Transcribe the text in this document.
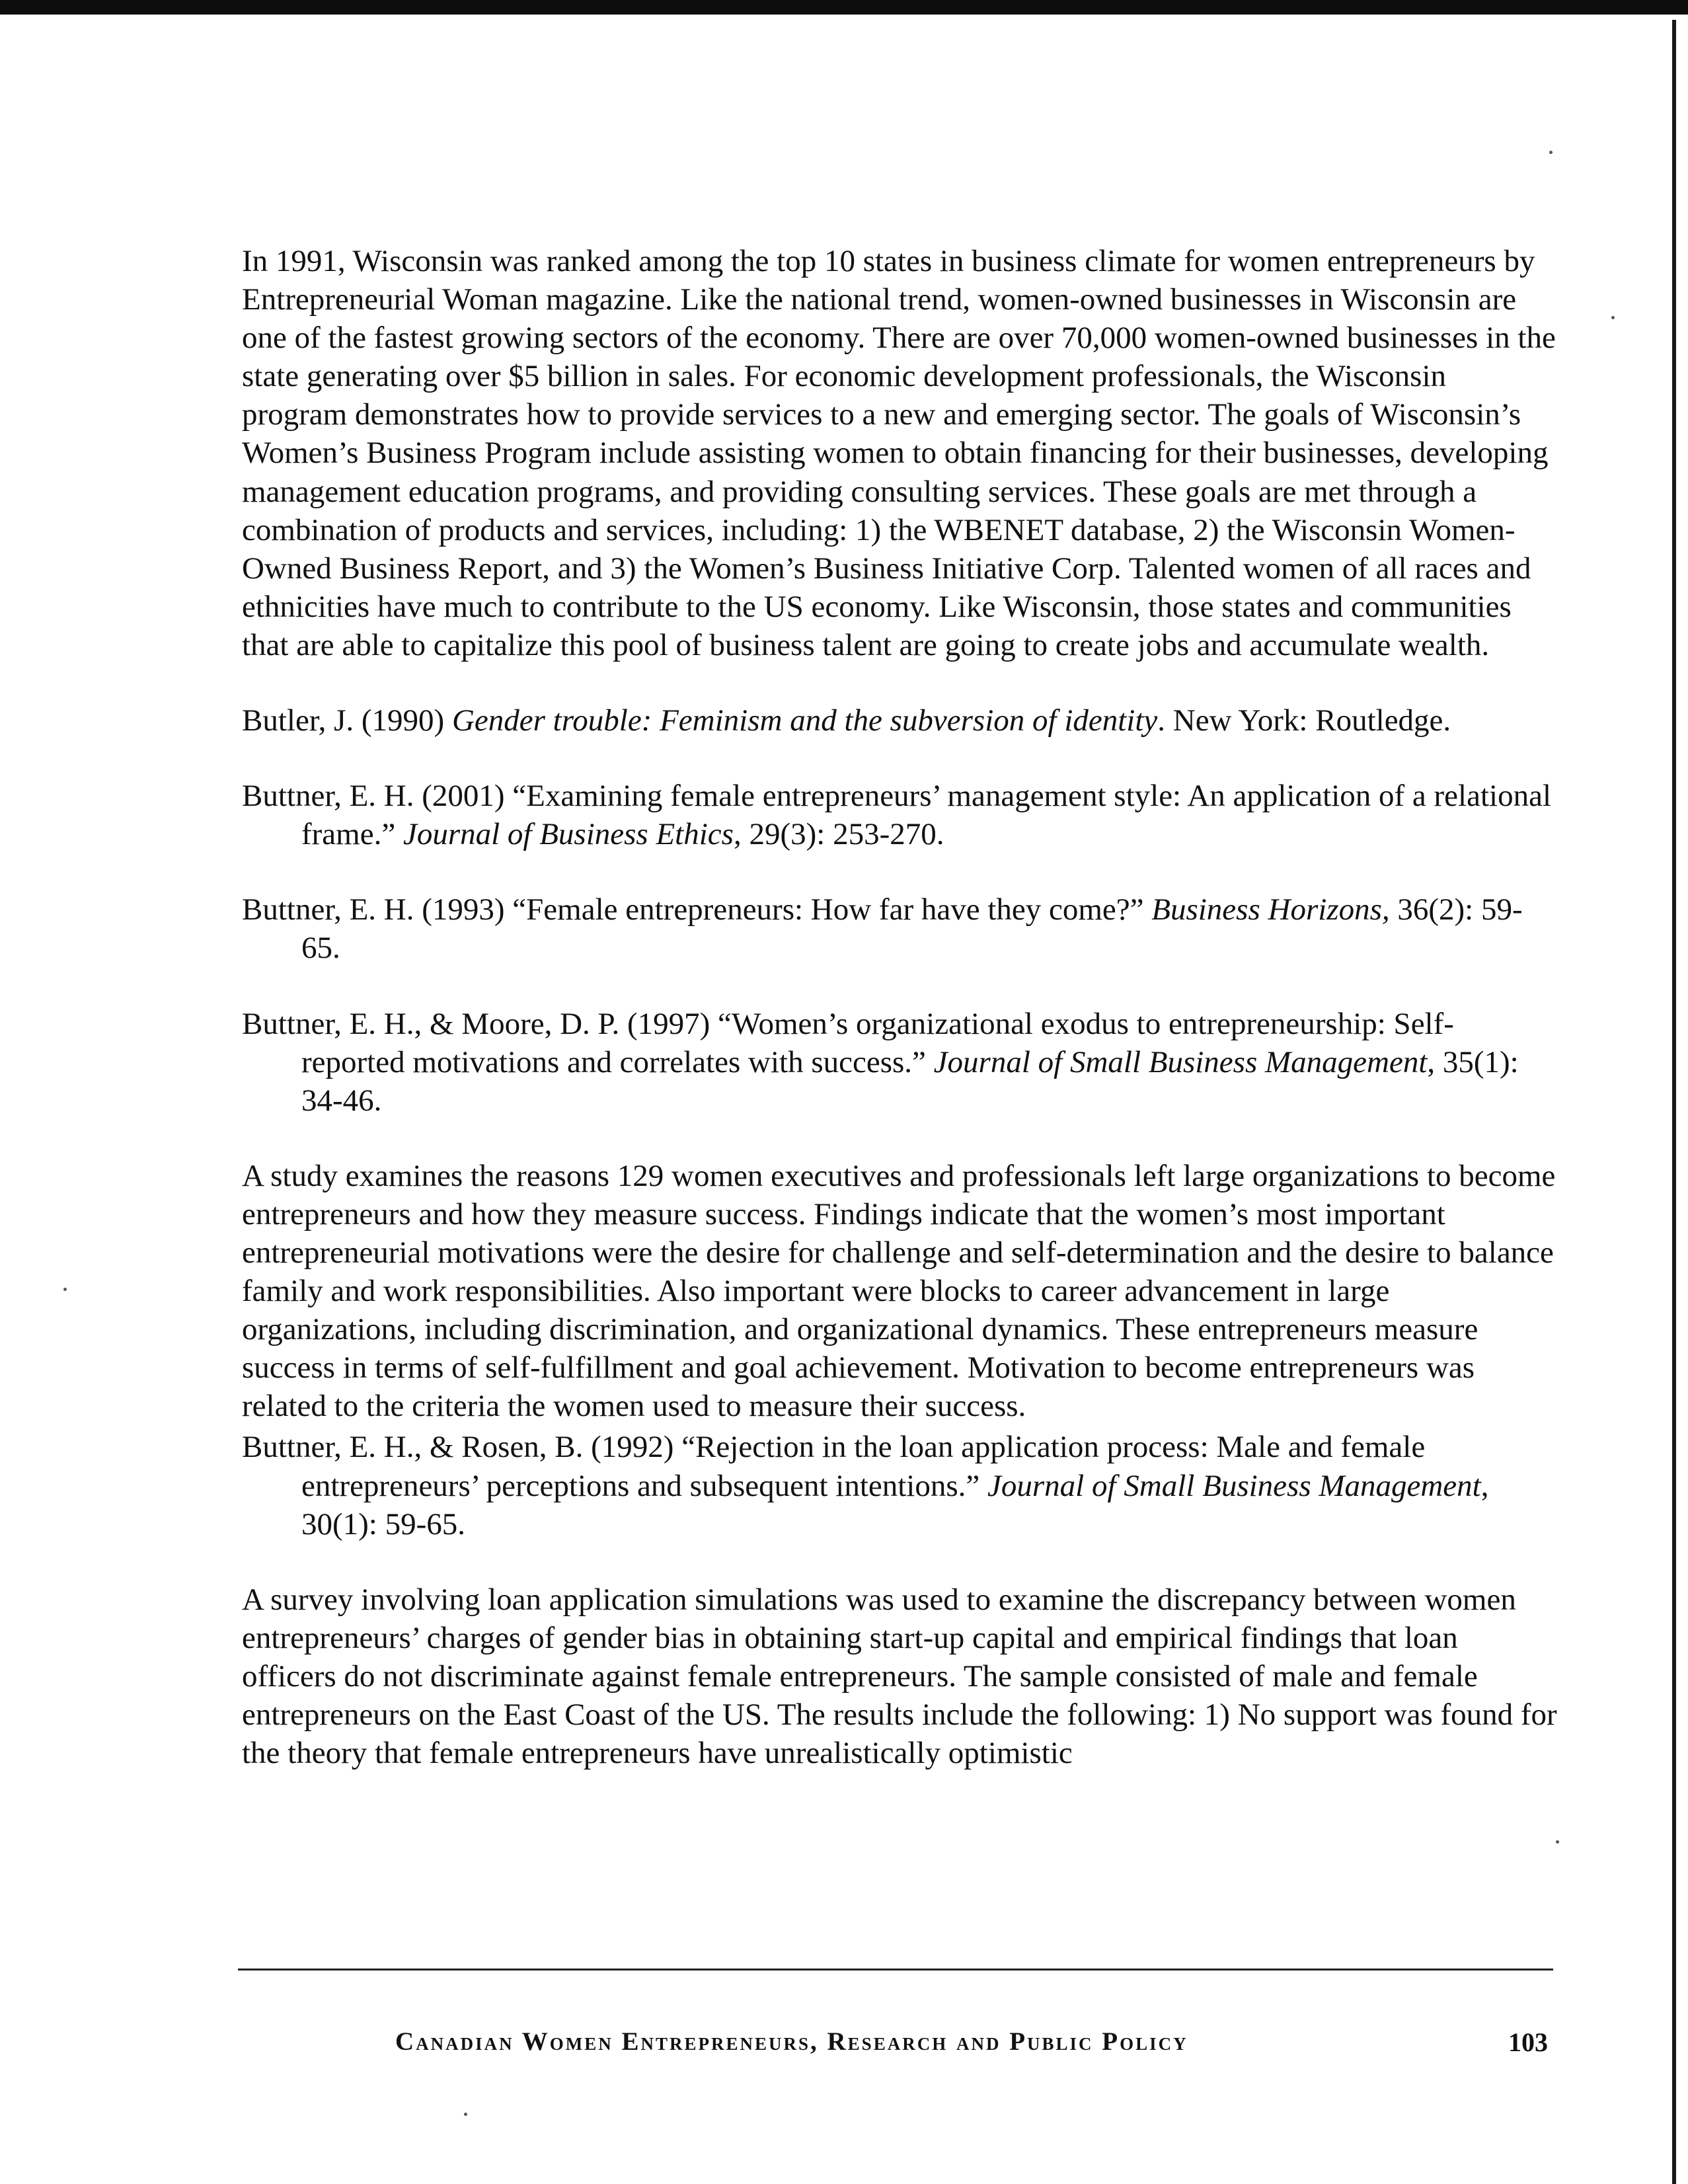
In 1991, Wisconsin was ranked among the top 10 states in business climate for women entrepreneurs by Entrepreneurial Woman magazine. Like the national trend, women-owned businesses in Wisconsin are one of the fastest growing sectors of the economy. There are over 70,000 women-owned businesses in the state generating over $5 billion in sales. For economic development professionals, the Wisconsin program demonstrates how to provide services to a new and emerging sector. The goals of Wisconsin’s Women’s Business Program include assisting women to obtain financing for their businesses, developing management education programs, and providing consulting services. These goals are met through a combination of products and services, including: 1) the WBENET database, 2) the Wisconsin Women-Owned Business Report, and 3) the Women’s Business Initiative Corp. Talented women of all races and ethnicities have much to contribute to the US economy. Like Wisconsin, those states and communities that are able to capitalize this pool of business talent are going to create jobs and accumulate wealth.

Butler, J. (1990) Gender trouble: Feminism and the subversion of identity. New York: Routledge.

Buttner, E. H. (2001) “Examining female entrepreneurs’ management style: An application of a relational frame.” Journal of Business Ethics, 29(3): 253-270.

Buttner, E. H. (1993) “Female entrepreneurs: How far have they come?” Business Horizons, 36(2): 59-65.

Buttner, E. H., & Moore, D. P. (1997) “Women’s organizational exodus to entrepreneurship: Self-reported motivations and correlates with success.” Journal of Small Business Management, 35(1): 34-46.

A study examines the reasons 129 women executives and professionals left large organizations to become entrepreneurs and how they measure success. Findings indicate that the women’s most important entrepreneurial motivations were the desire for challenge and self-determination and the desire to balance family and work responsibilities. Also important were blocks to career advancement in large organizations, including discrimination, and organizational dynamics. These entrepreneurs measure success in terms of self-fulfillment and goal achievement. Motivation to become entrepreneurs was related to the criteria the women used to measure their success.

Buttner, E. H., & Rosen, B. (1992) “Rejection in the loan application process: Male and female entrepreneurs’ perceptions and subsequent intentions.” Journal of Small Business Management, 30(1): 59-65.

A survey involving loan application simulations was used to examine the discrepancy between women entrepreneurs’ charges of gender bias in obtaining start-up capital and empirical findings that loan officers do not discriminate against female entrepreneurs. The sample consisted of male and female entrepreneurs on the East Coast of the US. The results include the following: 1) No support was found for the theory that female entrepreneurs have unrealistically optimistic

Canadian Women Entrepreneurs, Research and Public Policy	103
